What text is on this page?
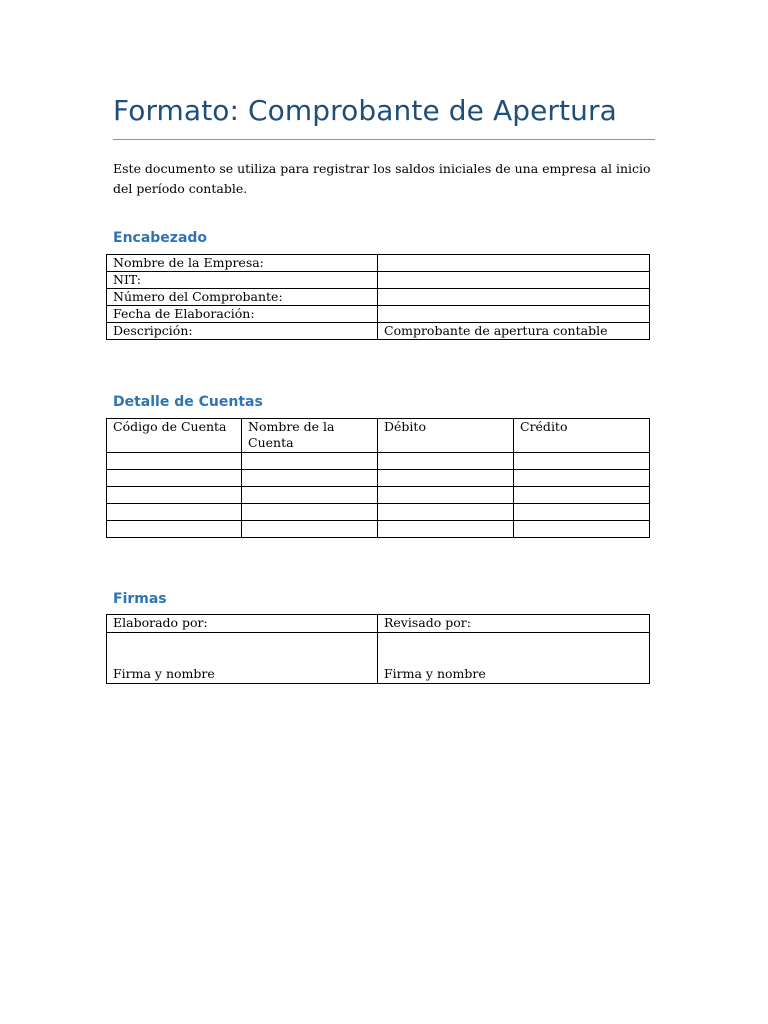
Formato: Comprobante de Apertura
Este documento se utiliza para registrar los saldos iniciales de una empresa al inicio del período contable.
Encabezado
Nombre de la Empresa:	
NIT:	
Número del Comprobante:	
Fecha de Elaboración:	
Descripción:	Comprobante de apertura contable
Detalle de Cuentas
Código de Cuenta	Nombre de la Cuenta	Débito	Crédito

Firmas
Elaborado por:	Revisado por:

Firma y nombre	Firma y nombre
